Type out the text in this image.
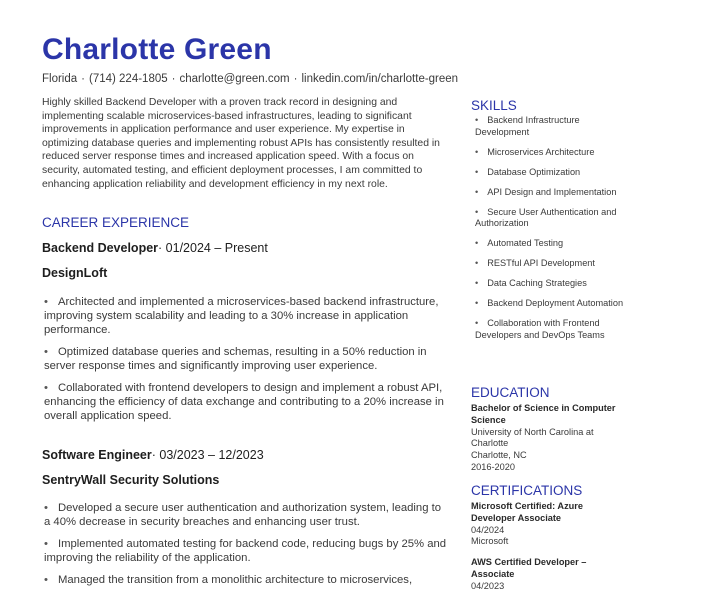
Charlotte Green
Florida · (714) 224-1805 · charlotte@green.com · linkedin.com/in/charlotte-green

Highly skilled Backend Developer with a proven track record in designing and implementing scalable microservices-based infrastructures, leading to significant improvements in application performance and user experience. My expertise in optimizing database queries and implementing robust APIs has consistently resulted in reduced server response times and increased application speed. With a focus on security, automated testing, and efficient deployment processes, I am committed to enhancing application reliability and development efficiency in my next role.

CAREER EXPERIENCE
Backend Developer· 01/2024 – Present
DesignLoft
• Architected and implemented a microservices-based backend infrastructure, improving system scalability and leading to a 30% increase in application performance.
• Optimized database queries and schemas, resulting in a 50% reduction in server response times and significantly improving user experience.
• Collaborated with frontend developers to design and implement a robust API, enhancing the efficiency of data exchange and contributing to a 20% increase in overall application speed.
Software Engineer· 03/2023 – 12/2023
SentryWall Security Solutions
• Developed a secure user authentication and authorization system, leading to a 40% decrease in security breaches and enhancing user trust.
• Implemented automated testing for backend code, reducing bugs by 25% and improving the reliability of the application.
• Managed the transition from a monolithic architecture to microservices,
SKILLS
• Backend Infrastructure Development
• Microservices Architecture
• Database Optimization
• API Design and Implementation
• Secure User Authentication and Authorization
• Automated Testing
• RESTful API Development
• Data Caching Strategies
• Backend Deployment Automation
• Collaboration with Frontend Developers and DevOps Teams
EDUCATION
Bachelor of Science in Computer Science
University of North Carolina at Charlotte
Charlotte, NC
2016-2020
CERTIFICATIONS
Microsoft Certified: Azure Developer Associate
04/2024
Microsoft
AWS Certified Developer – Associate
04/2023
